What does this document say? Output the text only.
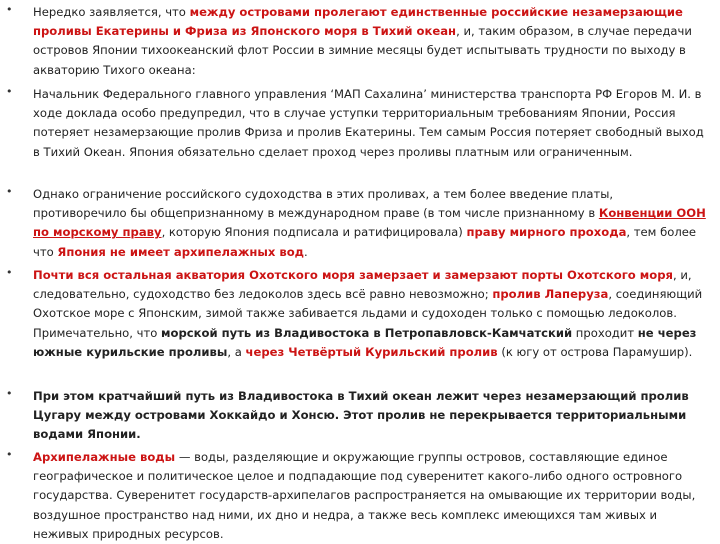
• Нередко заявляется, что между островами пролегают единственные российские незамерзающие проливы Екатерины и Фриза из Японского моря в Тихий океан, и, таким образом, в случае передачи островов Японии тихоокеанский флот России в зимние месяцы будет испытывать трудности по выходу в акваторию Тихого океана:

• Начальник Федерального главного управления ‘МАП Сахалина’ министерства транспорта РФ Егоров М. И. в ходе доклада особо предупредил, что в случае уступки территориальным требованиям Японии, Россия потеряет незамерзающие пролив Фриза и пролив Екатерины. Тем самым Россия потеряет свободный выход в Тихий Океан. Япония обязательно сделает проход через проливы платным или ограниченным.

• Однако ограничение российского судоходства в этих проливах, а тем более введение платы, противоречило бы общепризнанному в международном праве (в том числе признанному в Конвенции ООН по морскому праву, которую Япония подписала и ратифицировала) праву мирного прохода, тем более что Япония не имеет архипелажных вод.

• Почти вся остальная акватория Охотского моря замерзает и замерзают порты Охотского моря, и, следовательно, судоходство без ледоколов здесь всё равно невозможно; пролив Лаперуза, соединяющий Охотское море с Японским, зимой также забивается льдами и судоходен только с помощью ледоколов. Примечательно, что морской путь из Владивостока в Петропавловск-Камчатский проходит не через южные курильские проливы, а через Четвёртый Курильский пролив (к югу от острова Парамушир).

• При этом кратчайший путь из Владивостока в Тихий океан лежит через незамерзающий пролив Цугару между островами Хоккайдо и Хонсю. Этот пролив не перекрывается территориальными водами Японии.

• Архипелажные воды — воды, разделяющие и окружающие группы островов, составляющие единое географическое и политическое целое и подпадающие под суверенитет какого-либо одного островного государства. Суверенитет государств-архипелагов распространяется на омывающие их территории воды, воздушное пространство над ними, их дно и недра, а также весь комплекс имеющихся там живых и неживых природных ресурсов.
